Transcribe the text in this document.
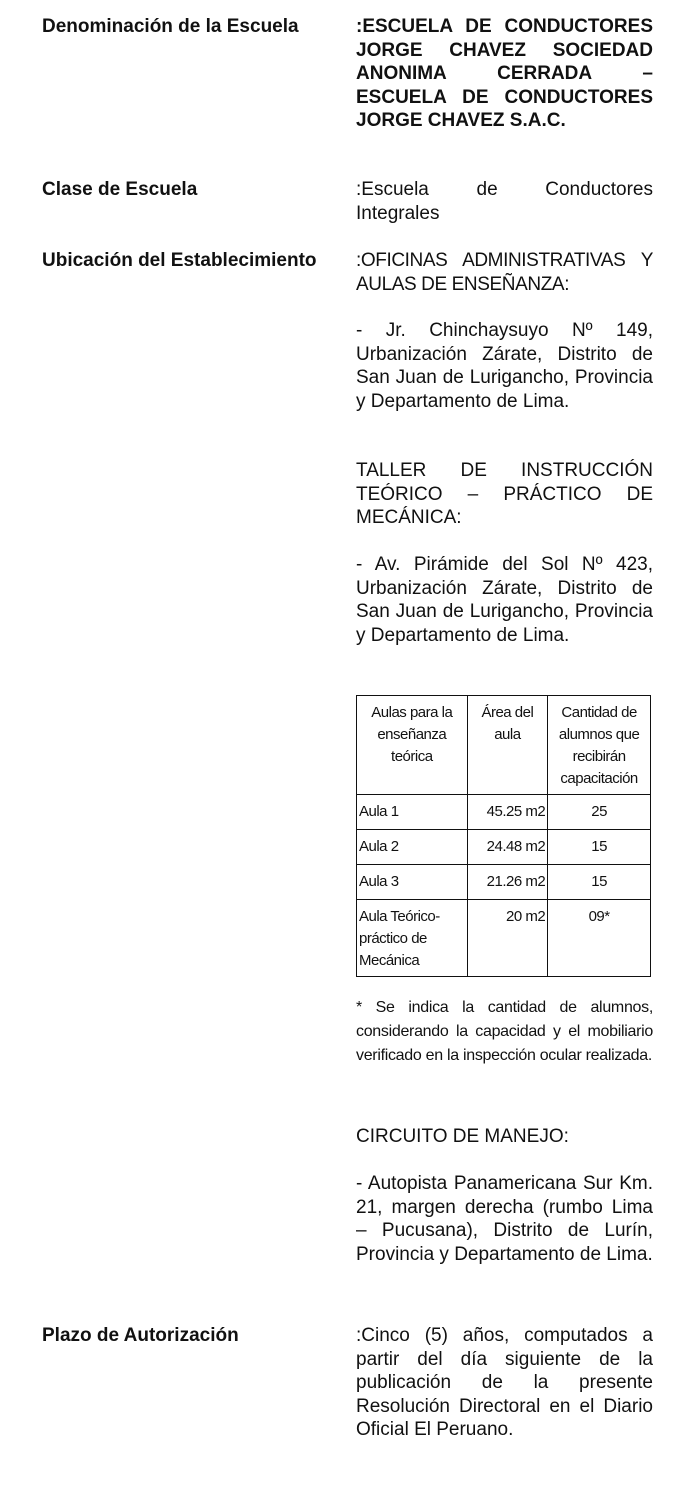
Denominación de la Escuela	:ESCUELA DE CONDUCTORES JORGE CHAVEZ SOCIEDAD ANONIMA CERRADA – ESCUELA DE CONDUCTORES JORGE CHAVEZ S.A.C.
Clase de Escuela	:Escuela de Conductores Integrales
Ubicación del Establecimiento :OFICINAS ADMINISTRATIVAS Y AULAS DE ENSEÑANZA:
- Jr. Chinchaysuyo Nº 149, Urbanización Zárate, Distrito de San Juan de Lurigancho, Provincia y Departamento de Lima.
TALLER DE INSTRUCCIÓN TEÓRICO – PRÁCTICO DE MECÁNICA:
- Av. Pirámide del Sol Nº 423, Urbanización Zárate, Distrito de San Juan de Lurigancho, Provincia y Departamento de Lima.
Aulas para la enseñanza teórica	Área del aula	Cantidad de alumnos que recibirán capacitación
Aula 1	45.25 m2	25
Aula 2	24.48 m2	15
Aula 3	21.26 m2	15
Aula Teórico-práctico de Mecánica	20 m2	09*
* Se indica la cantidad de alumnos, considerando la capacidad y el mobiliario verificado en la inspección ocular realizada.
CIRCUITO DE MANEJO:
- Autopista Panamericana Sur Km. 21, margen derecha (rumbo Lima – Pucusana), Distrito de Lurín, Provincia y Departamento de Lima.
Plazo de Autorización	:Cinco (5) años, computados a partir del día siguiente de la publicación de la presente Resolución Directoral en el Diario Oficial El Peruano.
